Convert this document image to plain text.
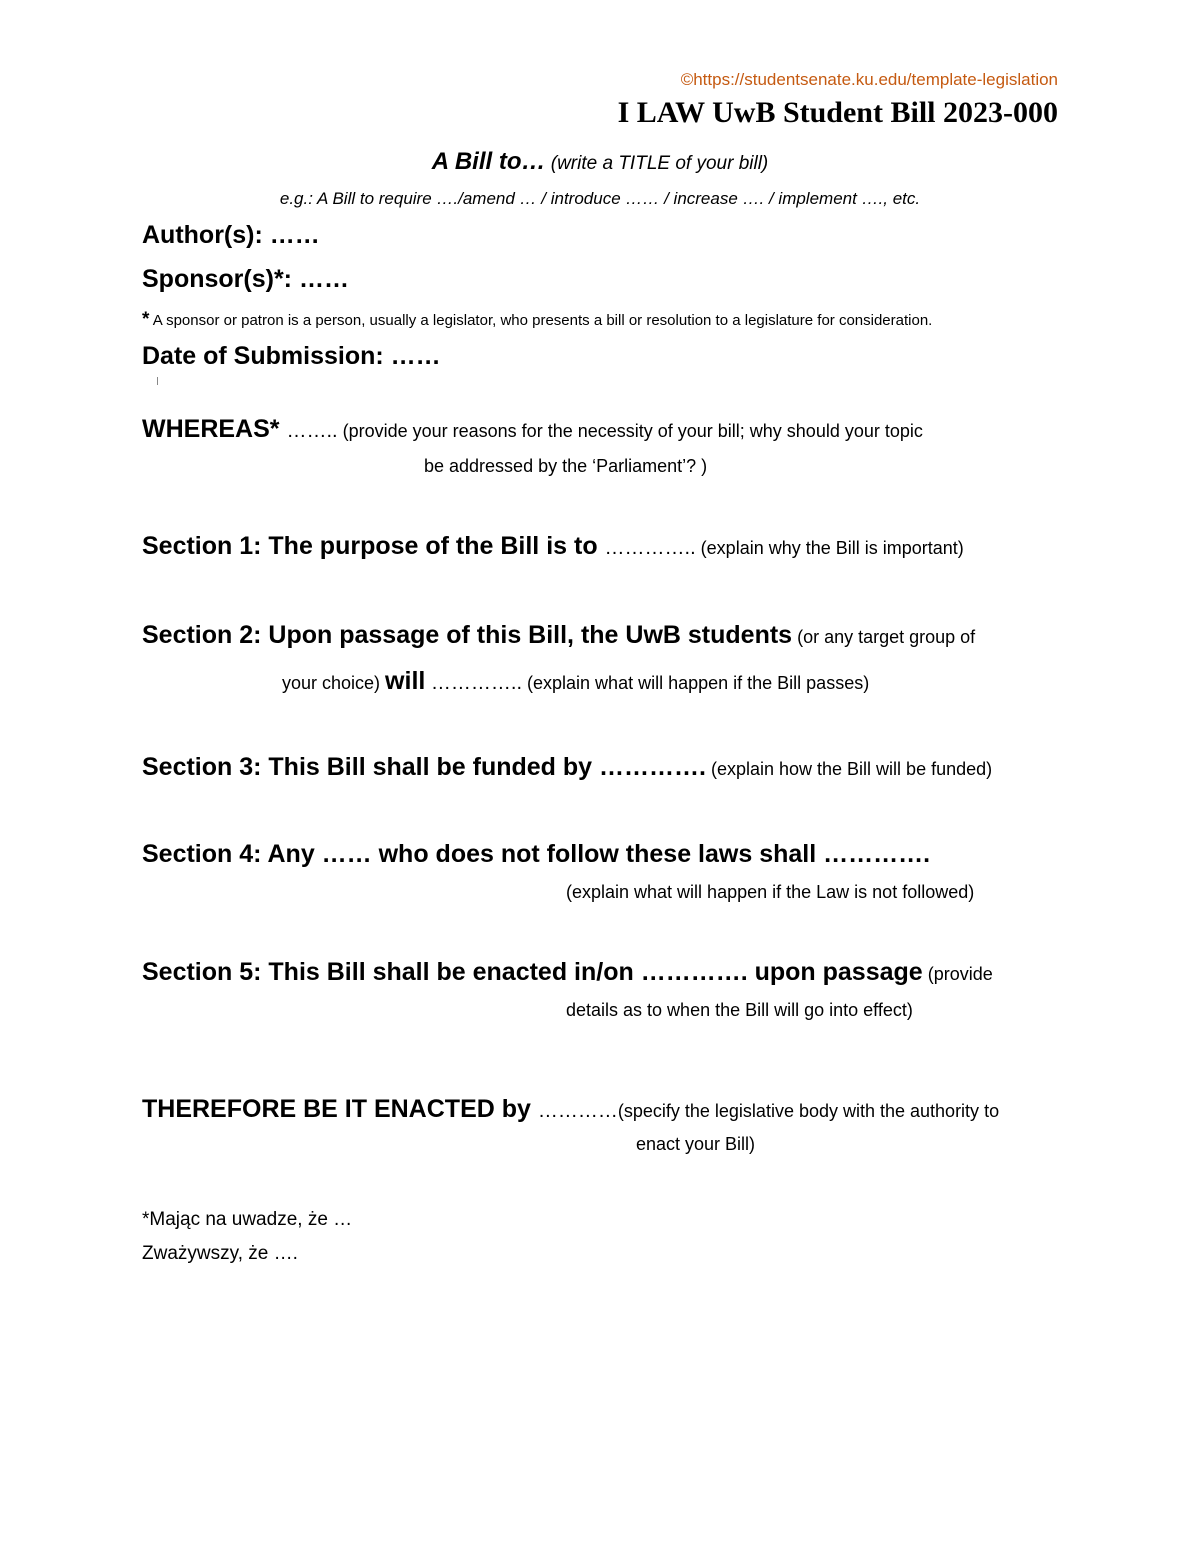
©https://studentsenate.ku.edu/template-legislation
I LAW UwB Student Bill 2023-000
A Bill to… (write a TITLE of your bill)
e.g.: A Bill to require …./amend … / introduce …… / increase …. / implement …., etc.
Author(s): ……
Sponsor(s)*: ……
* A sponsor or patron is a person, usually a legislator, who presents a bill or resolution to a legislature for consideration.
Date of Submission: ……
WHEREAS* …….. (provide your reasons for the necessity of your bill; why should your topic
be addressed by the ‘Parliament’? )
Section 1: The purpose of the Bill is to ………….. (explain why the Bill is important)
Section 2: Upon passage of this Bill, the UwB students (or any target group of
your choice) will ………….. (explain what will happen if the Bill passes)
Section 3: This Bill shall be funded by …………. (explain how the Bill will be funded)
Section 4: Any …… who does not follow these laws shall ………….
(explain what will happen if the Law is not followed)
Section 5: This Bill shall be enacted in/on …………. upon passage (provide
details as to when the Bill will go into effect)
THEREFORE BE IT ENACTED by …………(specify the legislative body with the authority to
enact your Bill)
*Mając na uwadze, że …
Zważywszy, że ….
